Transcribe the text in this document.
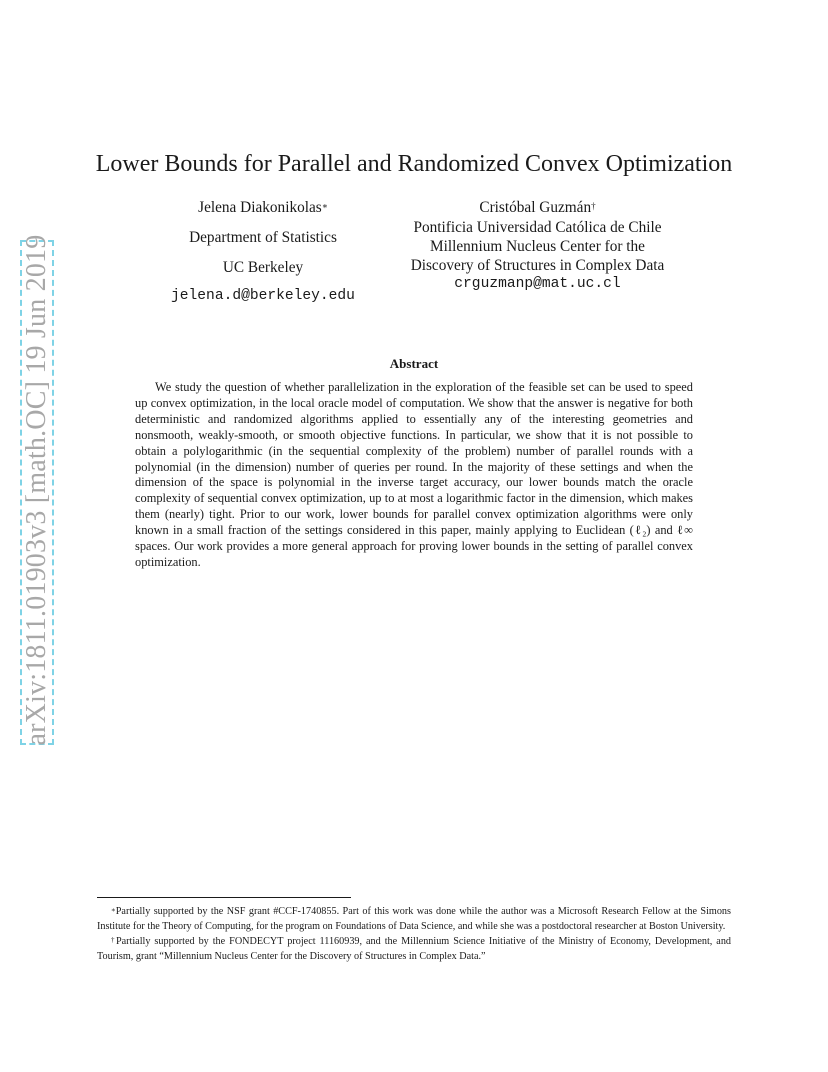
arXiv:1811.01903v3 [math.OC] 19 Jun 2019
Lower Bounds for Parallel and Randomized Convex Optimization
Jelena Diakonikolas∗
Department of Statistics
UC Berkeley
jelena.d@berkeley.edu
Cristóbal Guzmán†
Pontificia Universidad Católica de Chile
Millennium Nucleus Center for the
Discovery of Structures in Complex Data
crguzmanp@mat.uc.cl
Abstract

We study the question of whether parallelization in the exploration of the feasible set can be used to speed up convex optimization, in the local oracle model of computation. We show that the answer is negative for both deterministic and randomized algorithms applied to essentially any of the interesting geometries and nonsmooth, weakly-smooth, or smooth objective functions. In particular, we show that it is not possible to obtain a polylogarithmic (in the sequential complexity of the problem) number of parallel rounds with a polynomial (in the dimension) number of queries per round. In the majority of these settings and when the dimension of the space is polynomial in the inverse target accuracy, our lower bounds match the oracle complexity of sequential convex optimization, up to at most a logarithmic factor in the dimension, which makes them (nearly) tight. Prior to our work, lower bounds for parallel convex optimization algorithms were only known in a small fraction of the settings considered in this paper, mainly applying to Euclidean (ℓ₂) and ℓ∞ spaces. Our work provides a more general approach for proving lower bounds in the setting of parallel convex optimization.

∗Partially supported by the NSF grant #CCF-1740855. Part of this work was done while the author was a Microsoft Research Fellow at the Simons Institute for the Theory of Computing, for the program on Foundations of Data Science, and while she was a postdoctoral researcher at Boston University.

†Partially supported by the FONDECYT project 11160939, and the Millennium Science Initiative of the Ministry of Economy, Development, and Tourism, grant “Millennium Nucleus Center for the Discovery of Structures in Complex Data.”
